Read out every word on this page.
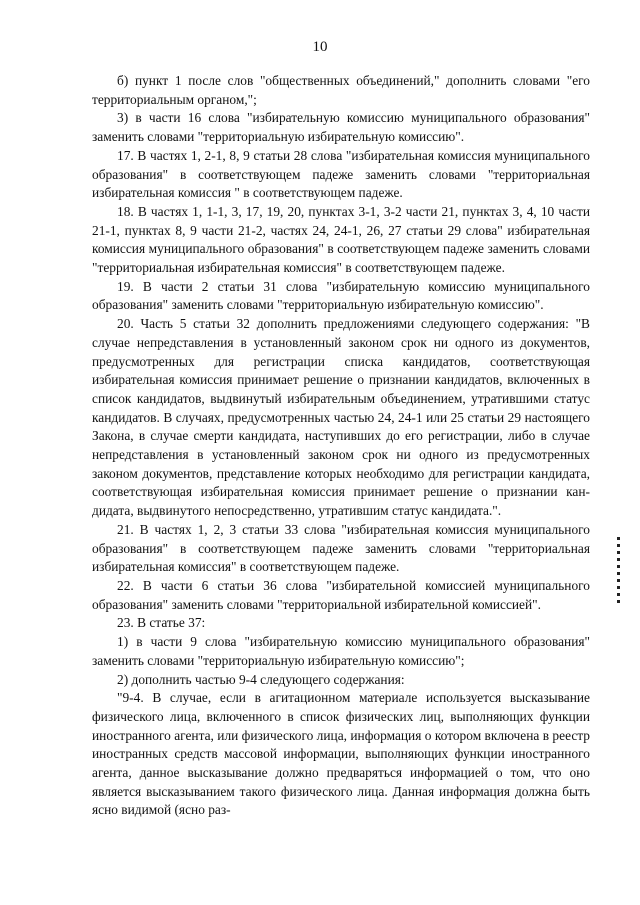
10

б) пункт 1 после слов "общественных объединений," дополнить словами "его территориальным органом,";

3) в части 16 слова "избирательную комиссию муниципального образования" заменить словами "территориальную избирательную комиссию".

17. В частях 1, 2-1, 8, 9 статьи 28 слова "избирательная комиссия муниципального образования" в соответствующем падеже заменить словами "территориальная избирательная комиссия " в соответствующем падеже.

18. В частях 1, 1-1, 3, 17, 19, 20, пунктах 3-1, 3-2 части 21, пунктах 3, 4, 10 части 21-1, пунктах 8, 9 части 21-2, частях 24, 24-1, 26, 27 статьи 29 слова" избирательная комиссия муниципального образования" в соответствующем падеже заменить словами "территориальная избирательная комиссия" в соответствующем падеже.

19. В части 2 статьи 31 слова "избирательную комиссию муниципального образования" заменить словами "территориальную избирательную комиссию".

20. Часть 5 статьи 32 дополнить предложениями следующего содержания: "В случае непредставления в установленный законом срок ни одного из документов, предусмотренных для регистрации списка кандидатов, соответствующая избирательная комиссия принимает решение о признании кандидатов, включенных в список кандидатов, выдвинутый избирательным объединением, утратившими статус кандидатов. В случаях, предусмотренных частью 24, 24-1 или 25 статьи 29 настоящего Закона, в случае смерти кандидата, наступивших до его регистрации, либо в случае непредставления в установленный законом срок ни одного из предусмотренных законом документов, представление которых необходимо для регистрации кандидата, соответствующая избирательная комиссия принимает решение о признании кандидата, выдвинутого непосредственно, утратившим статус кандидата.".

21. В частях 1, 2, 3 статьи 33 слова "избирательная комиссия муниципального образования" в соответствующем падеже заменить словами "территориальная избирательная комиссия" в соответствующем падеже.

22. В части 6 статьи 36 слова "избирательной комиссией муниципального образования" заменить словами "территориальной избирательной комиссией".

23. В статье 37:

1) в части 9 слова "избирательную комиссию муниципального образования" заменить словами "территориальную избирательную комиссию";

2) дополнить частью 9-4 следующего содержания:

"9-4. В случае, если в агитационном материале используется высказывание физического лица, включенного в список физических лиц, выполняющих функции иностранного агента, или физического лица, информация о котором включена в реестр иностранных средств массовой информации, выполняющих функции иностранного агента, данное высказывание должно предваряться информацией о том, что оно является высказыванием такого физического лица. Данная информация должна быть ясно видимой (ясно раз-
